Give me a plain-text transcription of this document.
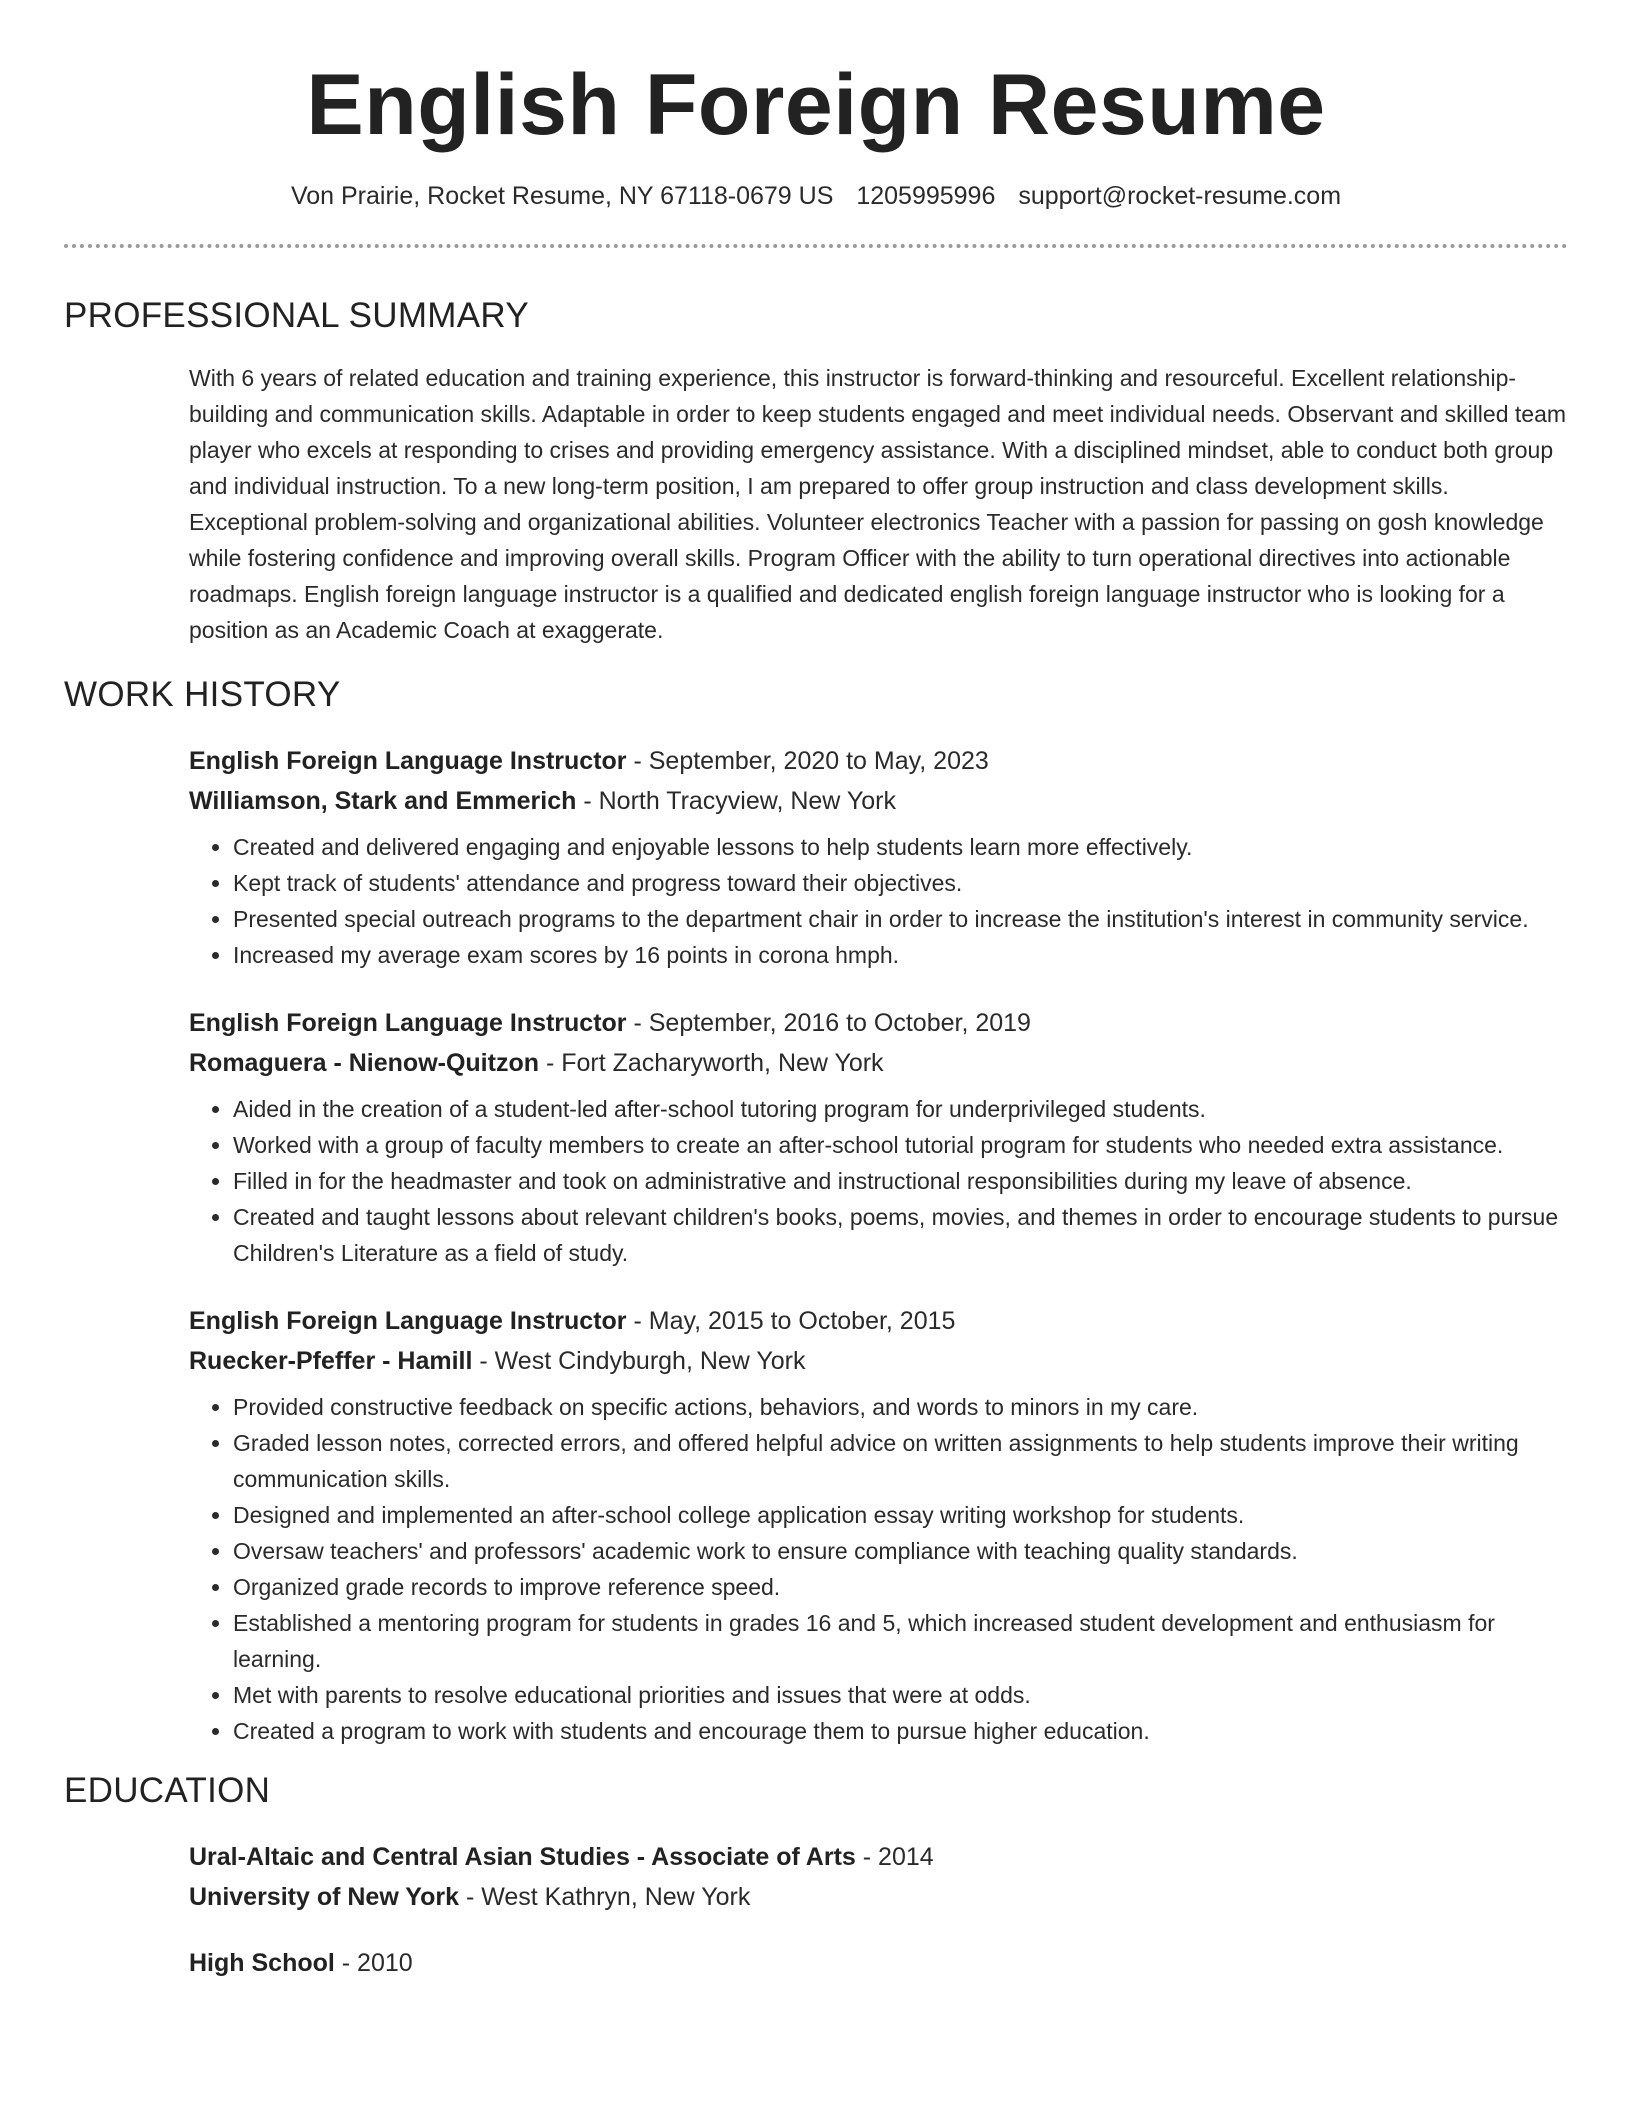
English Foreign Resume
Von Prairie, Rocket Resume, NY 67118-0679 US 1205995996 support@rocket-resume.com
PROFESSIONAL SUMMARY

With 6 years of related education and training experience, this instructor is forward-thinking and resourceful. Excellent relationship-building and communication skills. Adaptable in order to keep students engaged and meet individual needs. Observant and skilled team player who excels at responding to crises and providing emergency assistance. With a disciplined mindset, able to conduct both group and individual instruction. To a new long-term position, I am prepared to offer group instruction and class development skills. Exceptional problem-solving and organizational abilities. Volunteer electronics Teacher with a passion for passing on gosh knowledge while fostering confidence and improving overall skills. Program Officer with the ability to turn operational directives into actionable roadmaps. English foreign language instructor is a qualified and dedicated english foreign language instructor who is looking for a position as an Academic Coach at exaggerate.

WORK HISTORY
English Foreign Language Instructor - September, 2020 to May, 2023
Williamson, Stark and Emmerich - North Tracyview, New York
• Created and delivered engaging and enjoyable lessons to help students learn more effectively.
• Kept track of students' attendance and progress toward their objectives.
• Presented special outreach programs to the department chair in order to increase the institution's interest in community service.
• Increased my average exam scores by 16 points in corona hmph.
English Foreign Language Instructor - September, 2016 to October, 2019
Romaguera - Nienow-Quitzon - Fort Zacharyworth, New York
• Aided in the creation of a student-led after-school tutoring program for underprivileged students.
• Worked with a group of faculty members to create an after-school tutorial program for students who needed extra assistance.
• Filled in for the headmaster and took on administrative and instructional responsibilities during my leave of absence.
• Created and taught lessons about relevant children's books, poems, movies, and themes in order to encourage students to pursue Children's Literature as a field of study.
English Foreign Language Instructor - May, 2015 to October, 2015
Ruecker-Pfeffer - Hamill - West Cindyburgh, New York
• Provided constructive feedback on specific actions, behaviors, and words to minors in my care.
• Graded lesson notes, corrected errors, and offered helpful advice on written assignments to help students improve their writing communication skills.
• Designed and implemented an after-school college application essay writing workshop for students.
• Oversaw teachers' and professors' academic work to ensure compliance with teaching quality standards.
• Organized grade records to improve reference speed.
• Established a mentoring program for students in grades 16 and 5, which increased student development and enthusiasm for learning.
• Met with parents to resolve educational priorities and issues that were at odds.
• Created a program to work with students and encourage them to pursue higher education.
EDUCATION
Ural-Altaic and Central Asian Studies - Associate of Arts - 2014
University of New York - West Kathryn, New York
High School - 2010
